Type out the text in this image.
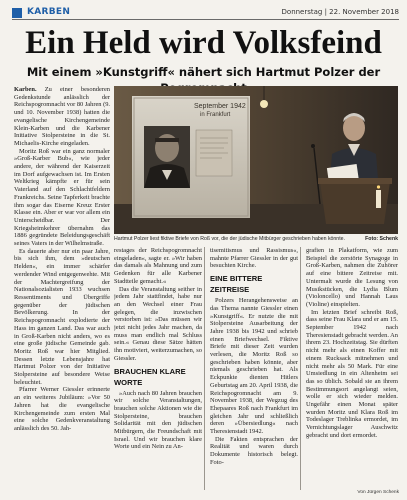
KARBEN	Donnerstag | 22. November 2018
Ein Held wird Volksfeind
Mit einem »Kunstgriff« nähert sich Hartmut Polzer der

Karben. Zu einer besonderen Gedenkstunde anlässlich der Reichspogromnacht vor 80 Jahren (9. und 10. November 1938) hatten die evangelische Kirchengemeinde Klein-Karben und die Karbener Initiative Stolpersteine in die St. Michaelis-Kirche eingeladen.

Moritz Roß war ein ganz normaler »Groß-Karber Bub«, wie jeder andere, der während der Kaiserzeit im Dorf aufgewachsen ist. Im Ersten Weltkrieg kämpfte er für sein Vaterland auf den Schlachtfeldern Frankreichs. Seine Tapferkeit brachte ihm sogar das Eiserne Kreuz Erster Klasse ein. Aber er war vor allem ein Unterscheidbar. Der Kriegsheimkehrer übernahm das 1886 gegründete Beleidungsgeschäft seines Vaters in der Wilhelmstraße.

Es dauerte aber nur ein paar Jahre, bis sich ihm, dem »deutschen Helden«, ein immer schärfer werdender Wind entgegenwehte. Mit der Machtergreifung der Nationalsozialisten 1933 wuchsen Ressentiments und Übergriffe gegenüber der jüdischen Bevölkerung. In der Reichspogromnacht explodierte der Hass im ganzen Land. Das war auch in Groß-Karben nicht anders, wo es eine große jüdische Gemeinde gab. Moritz Roß war hier Mitglied. Dessen letzte Lebensjahre hat Hartmut Polzer von der Initiative Stolpersteine auf besondere Weise beleuchtet.

Pfarrer Werner Giessler erinnerte an ein weiteres Jubiläum: »Vor 50 Jahren hat die evangelische Kirchengemeinde zum ersten Mal eine solche Gedenkveranstaltung anlässlich des 50. Jah-

September 1942
in Frankfurt
Hartmut Polzer liest fiktive Briefe von Roß vor, die der jüdische Mitbürger geschrieben haben könnte.	Foto: Schenk

restages der Reichspogromnacht eingeladen«, sagte er. »Wir haben das damals als Mahnung und zum Gedenken für alle Karbener Stadtteile gemacht.«

Das die Veranstaltung seither in jedem Jahr stattfindet, habe nur an den Wechsel einer Frau gelegen, die inzwischen verstorben ist: »Das müssen wir jetzt nicht jedes Jahr machen, da muss man endlich mal Schluss sein.« Genau diese Sätze hätten ihn motiviert, weiterzumachen, so Giessler.

BRAUCHEN KLARE WORTE

»Auch nach 80 Jahren brauchen wir solche Veranstaltungen, brauchen solche Aktionen wie die Stolpersteine, brauchen Solidarität mit den jüdischen Mitbürgern, die Freundschaft mit Israel. Und wir brauchen klare Worte und ein Nein zu An-

tisemitismus und Rassismus«, mahnte Pfarrer Giessler in der gut besuchten Kirche.

EINE BITTERE ZEITREISE

Polzers Herangehensweise an das Thema nannte Giessler einen »Kunstgriff«. Er nutzte die mit Stolpersteine Ausarbeitung der Jahre 1938 bis 1942 und schrieb einen Briefwechsel. Fiktive Briefe mit dieser Zeit wurden verlesen, die Moritz Roß so geschrieben haben könnte, aber niemals geschrieben hat. Als Eckpunkte dienten Hitlers Geburtstag am 20. April 1938, die Reichspogromnacht am 9. November 1938, der Wegzug des Ehepaares Roß nach Frankfurt im gleichen Jahr und schließlich deren »Übersiedlung« nach Theresienstadt 1942.

Die Fakten entsprachen der Realität und waren durch Dokumente historisch belegt. Foto-

grafien in Plakatform, wie zum Beispiel die zerstörte Synagoge in Groß-Karben, nahmen die Zuhörer auf eine bittere Zeitreise mit. Untermalt wurde die Lesung von Musikstücken, die Lydia Blum (Violoncello) und Hannah Laus (Violine) einspielten.

Im letzten Brief schreibt Roß, dass seine Frau Klara und er am 15. September 1942 nach Theresienstadt gebracht werden. An ihrem 23. Hochzeitstag. Sie dürften nicht mehr als einen Koffer mit einem Rucksack mitnehmen und nicht mehr als 50 Mark. Für eine Umsiedlung in ein Altenheim sei das so üblich. Sobald sie an ihrem Bestimmungsort angelangt seien, wolle er sich wieder melden. Ungefähr einen Monat später wurden Moritz und Klara Roß im Todeslager Treblinka ermordet, im Vernichtungslager Auschwitz gebracht und dort ermordet.

Von Jürgen Schenk
